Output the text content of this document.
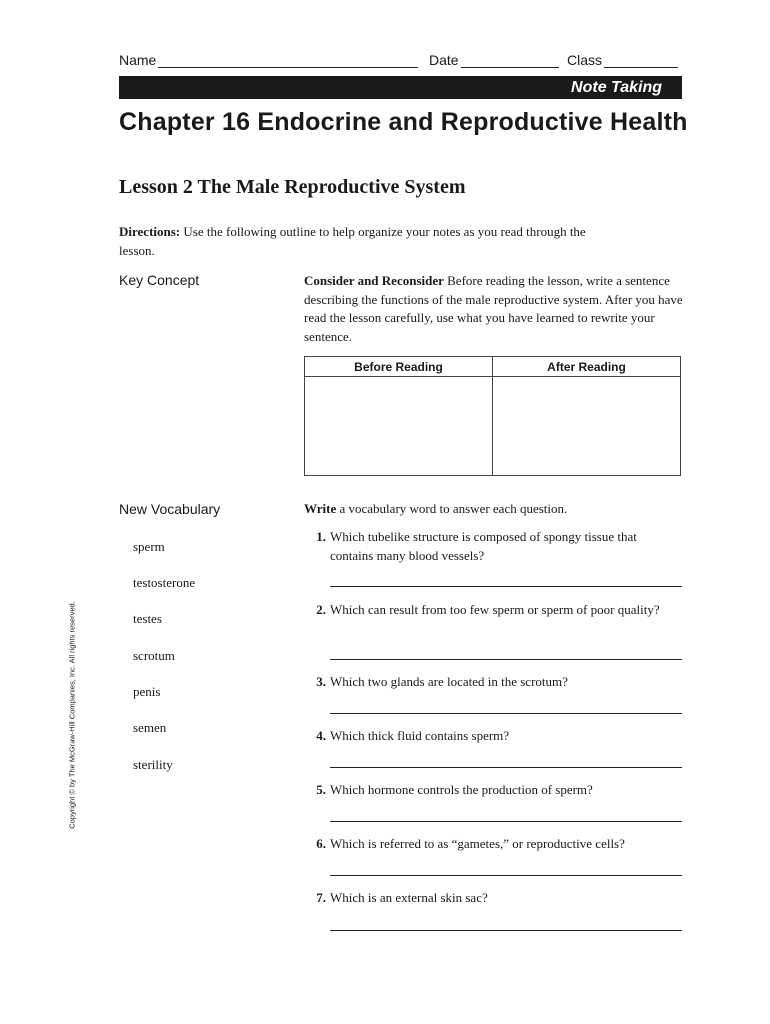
Name	Date	Class
Note Taking
Chapter 16 Endocrine and Reproductive Health
Lesson 2 The Male Reproductive System
Directions: Use the following outline to help organize your notes as you read through the lesson.
Key Concept	Consider and Reconsider Before reading the lesson, write a sentence describing the functions of the male reproductive system. After you have read the lesson carefully, use what you have learned to rewrite your sentence.
Before Reading	After Reading
New Vocabulary	Write a vocabulary word to answer each question.
sperm
testosterone
testes
scrotum
penis
semen
sterility
1. Which tubelike structure is composed of spongy tissue that contains many blood vessels?
2. Which can result from too few sperm or sperm of poor quality?
3. Which two glands are located in the scrotum?
4. Which thick fluid contains sperm?
5. Which hormone controls the production of sperm?
6. Which is referred to as “gametes,” or reproductive cells?
7. Which is an external skin sac?
Copyright © by The McGraw-Hill Companies, Inc. All rights reserved.
